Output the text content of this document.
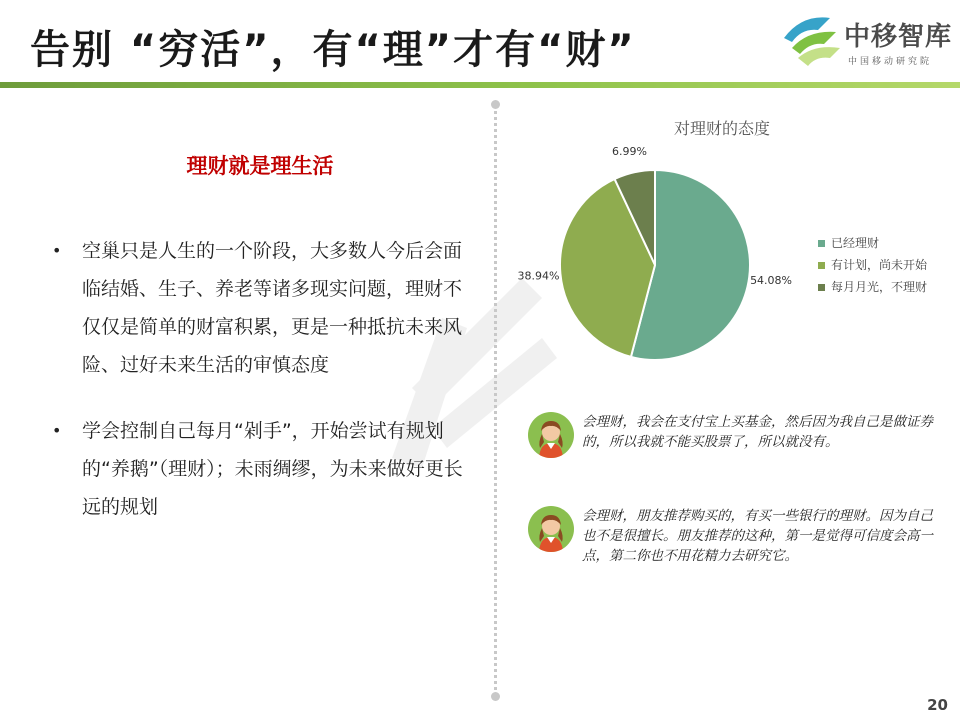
告别 “穷活”，有“理”才有“财”	中移智库
中国移动研究院
理财就是理生活
• 空巢只是人生的一个阶段，大多数人今后会面临结婚、生子、养老等诸多现实问题，理财不仅仅是简单的财富积累，更是一种抵抗未来风险、过好未来生活的审慎态度
• 学会控制自己每月“剁手”，开始尝试有规划的“养鹅”（理财）；未雨绸缪，为未来做好更长远的规划
对理财的态度
54.08%
38.94%
6.99%
已经理财
有计划，尚未开始
每月月光，不理财
会理财，我会在支付宝上买基金，然后因为我自己是做证券的，所以我就不能买股票了，所以就没有。
会理财，朋友推荐购买的，有买一些银行的理财。因为自己也不是很擅长。朋友推荐的这种，第一是觉得可信度会高一点，第二你也不用花精力去研究它。
20
